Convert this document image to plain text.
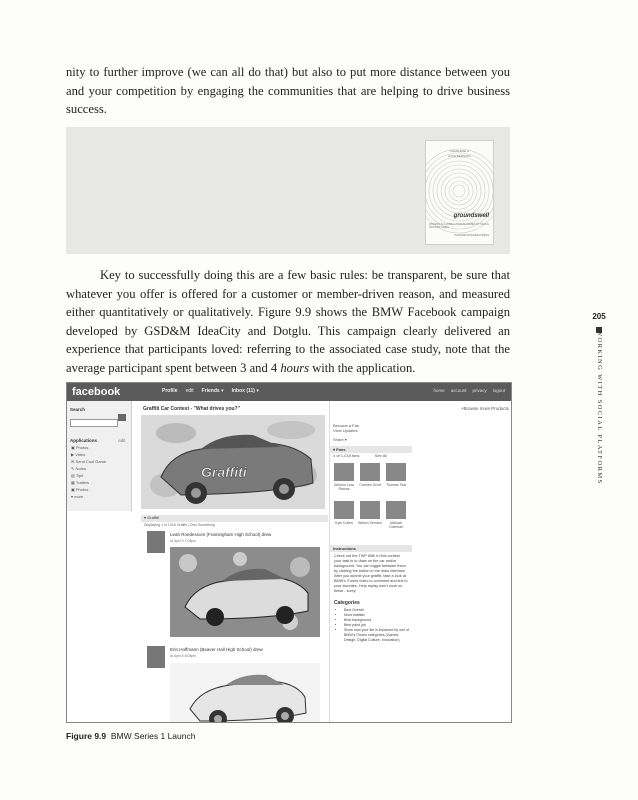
nity to further improve (we can all do that) but also to put more distance between you and your competition by engaging the communities that are helping to drive business success.

CHARLENE LI
JOSH BERNOFF
groundswell
WINNING IN A WORLD TRANSFORMED BY SOCIAL TECHNOLOGIES
HARVARD BUSINESS PRESS

Key to successfully doing this are a few basic rules: be transparent, be sure that whatever you offer is offered for a customer or member-driven reason, and measured either quantitatively or qualitatively. Figure 9.9 shows the BMW Facebook campaign developed by GSD&M IdeaCity and Dotglu. This campaign clearly delivered an experience that participants loved: referring to the associated case study, note that the average participant spent between 3 and 4 hours with the application.

205
WORKING WITH SOCIAL PLATFORMS
facebook	Profile edit Friends ▾ Inbox (11) ▾	home account privacy logout
Search
Applications	edit
▣ Photos
▶ Video
✉ Send Cool Game
✎ Notes
▤ Tipit
▦ Trailers
▣ Photos
▾ more
Graffiti Car Contest - "What drives you?"	+Browse more Products
Graffiti
▾ Graffiti
Displaying 1 of 1016 Graffiti | Own Something
Leah Roedessom (Framingham High School) drew
at April 9 7:05pm
Erin Hoffmann (Beaver Hall High School) drew
at April 8 8:08pm
Become a Fan
View Updates
Share ▾
▾ Fans
4 of 1,018 fans	See All
Alfonso Lara Ramos
Carmen Scott	Thomas Tsai
Kyle Cullen	Wilson Serrano	Michael Coleman
Instructions
Check out the TWP 656! In this contest your task is to draw on the car and/or background. You can toggle between them by clicking the button in the draw interface. After you submit your graffiti, take a look at BMW's iTunes video to comment and link to your favorites. Help replay won't work on these - sorry!
Categories
• Best Overall
• Most realistic
• Best background
• Best paint job
• Show how your life is impacted by one of BMW's iTunes categories (Games, Design, Digital Culture, Innovation)
Figure 9.9 BMW Series 1 Launch
